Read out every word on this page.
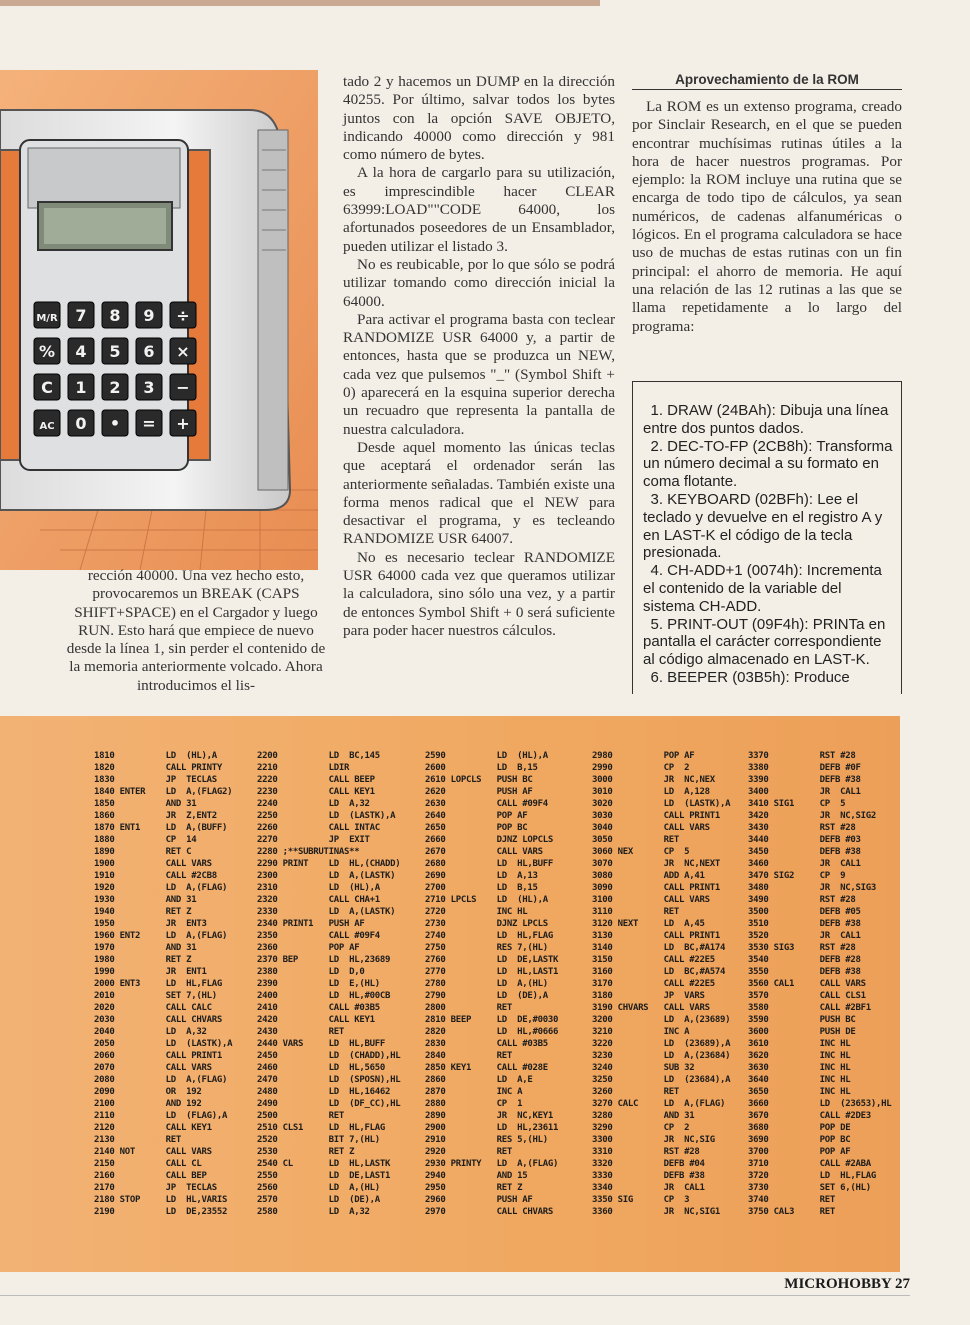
M/R 7 8 9 ÷
% 4 5 6 ×
C 1 2 3 −
AC 0 • = +

rección 40000. Una vez hecho esto, provocaremos un BREAK (CAPS SHIFT+SPACE) en el Cargador y luego RUN. Esto hará que empiece de nuevo desde la línea 1, sin perder el contenido de la memoria anteriormente volcado. Ahora introducimos el lis-

tado 2 y hacemos un DUMP en la dirección 40255. Por último, salvar todos los bytes juntos con la opción SAVE OBJETO, indicando 40000 como dirección y 981 como número de bytes.

A la hora de cargarlo para su utilización, es imprescindible hacer CLEAR 63999:LOAD""CODE 64000, los afortunados poseedores de un Ensamblador, pueden utilizar el listado 3.

No es reubicable, por lo que sólo se podrá utilizar tomando como dirección inicial la 64000.

Para activar el programa basta con teclear RANDOMIZE USR 64000 y, a partir de entonces, hasta que se produzca un NEW, cada vez que pulsemos "_" (Symbol Shift + 0) aparecerá en la esquina superior derecha un recuadro que representa la pantalla de nuestra calculadora.

Desde aquel momento las únicas teclas que aceptará el ordenador serán las anteriormente señaladas. También existe una forma menos radical que el NEW para desactivar el programa, y es tecleando RANDOMIZE USR 64007.

No es necesario teclear RANDOMIZE USR 64000 cada vez que queramos utilizar la calculadora, sino sólo una vez, y a partir de entonces Symbol Shift + 0 será suficiente para poder hacer nuestros cálculos.

Aprovechamiento de la ROM

La ROM es un extenso programa, creado por Sinclair Research, en el que se pueden encontrar muchísimas rutinas útiles a la hora de hacer nuestros programas. Por ejemplo: la ROM incluye una rutina que se encarga de todo tipo de cálculos, ya sean numéricos, de cadenas alfanuméricas o lógicos. En el programa calculadora se hace uso de muchas de estas rutinas con un fin principal: el ahorro de memoria. He aquí una relación de las 12 rutinas a las que se llama repetidamente a lo largo del programa:

1. DRAW (24BAh): Dibuja una línea entre dos puntos dados.

2. DEC-TO-FP (2CB8h): Transforma un número decimal a su formato en coma flotante.

3. KEYBOARD (02BFh): Lee el teclado y devuelve en el registro A y en LAST-K el código de la tecla presionada.

4. CH-ADD+1 (0074h): Incrementa el contenido de la variable del sistema CH-ADD.

5. PRINT-OUT (09F4h): PRINTa en pantalla el carácter correspondiente al código almacenado en LAST-K.

6. BEEPER (03B5h): Produce

1810          LD  (HL),A
1820          CALL PRINTY
1830          JP  TECLAS
1840 ENTER    LD  A,(FLAG2)
1850          AND 31
1860          JR  Z,ENT2
1870 ENT1     LD  A,(BUFF)
1880          CP  14
1890          RET C
1900          CALL VARS
1910          CALL #2CB8
1920          LD  A,(FLAG)
1930          AND 31
1940          RET Z
1950          JR  ENT3
1960 ENT2     LD  A,(FLAG)
1970          AND 31
1980          RET Z
1990          JR  ENT1
2000 ENT3     LD  HL,FLAG
2010          SET 7,(HL)
2020          CALL CALC
2030          CALL CHVARS
2040          LD  A,32
2050          LD  (LASTK),A
2060          CALL PRINT1
2070          CALL VARS
2080          LD  A,(FLAG)
2090          OR  192
2100          AND 192
2110          LD  (FLAG),A
2120          CALL KEY1
2130          RET
2140 NOT      CALL VARS
2150          CALL CL
2160          CALL BEP
2170          JP  TECLAS
2180 STOP     LD  HL,VARIS
2190          LD  DE,23552
2200          LD  BC,145
2210          LDIR
2220          CALL BEEP
2230          CALL KEY1
2240          LD  A,32
2250          LD  (LASTK),A
2260          CALL INTAC
2270          JP  EXIT
2280 ;**SUBRUTINAS**
2290 PRINT    LD  HL,(CHADD)
2300          LD  A,(LASTK)
2310          LD  (HL),A
2320          CALL CHA+1
2330          LD  A,(LASTK)
2340 PRINT1   PUSH AF
2350          CALL #09F4
2360          POP AF
2370 BEP      LD  HL,23689
2380          LD  D,0
2390          LD  E,(HL)
2400          LD  HL,#00CB
2410          CALL #03B5
2420          CALL KEY1
2430          RET
2440 VARS     LD  HL,BUFF
2450          LD  (CHADD),HL
2460          LD  HL,5650
2470          LD  (SPOSN),HL
2480          LD  HL,16462
2490          LD  (DF_CC),HL
2500          RET
2510 CLS1     LD  HL,FLAG
2520          BIT 7,(HL)
2530          RET Z
2540 CL       LD  HL,LASTK
2550          LD  DE,LAST1
2560          LD  A,(HL)
2570          LD  (DE),A
2580          LD  A,32
2590          LD  (HL),A
2600          LD  B,15
2610 LOPCLS   PUSH BC
2620          PUSH AF
2630          CALL #09F4
2640          POP AF
2650          POP BC
2660          DJNZ LOPCLS
2670          CALL VARS
2680          LD  HL,BUFF
2690          LD  A,13
2700          LD  B,15
2710 LPCLS    LD  (HL),A
2720          INC HL
2730          DJNZ LPCLS
2740          LD  HL,FLAG
2750          RES 7,(HL)
2760          LD  DE,LASTK
2770          LD  HL,LAST1
2780          LD  A,(HL)
2790          LD  (DE),A
2800          RET
2810 BEEP     LD  DE,#0030
2820          LD  HL,#0666
2830          CALL #03B5
2840          RET
2850 KEY1     CALL #028E
2860          LD  A,E
2870          INC A
2880          CP  1
2890          JR  NC,KEY1
2900          LD  HL,23611
2910          RES 5,(HL)
2920          RET
2930 PRINTY   LD  A,(FLAG)
2940          AND 15
2950          RET Z
2960          PUSH AF
2970          CALL CHVARS
2980          POP AF
2990          CP  2
3000          JR  NC,NEX
3010          LD  A,128
3020          LD  (LASTK),A
3030          CALL PRINT1
3040          CALL VARS
3050          RET
3060 NEX      CP  5
3070          JR  NC,NEXT
3080          ADD A,41
3090          CALL PRINT1
3100          CALL VARS
3110          RET
3120 NEXT     LD  A,45
3130          CALL PRINT1
3140          LD  BC,#A174
3150          CALL #22E5
3160          LD  BC,#A574
3170          CALL #22E5
3180          JP  VARS
3190 CHVARS   CALL VARS
3200          LD  A,(23689)
3210          INC A
3220          LD  (23689),A
3230          LD  A,(23684)
3240          SUB 32
3250          LD  (23684),A
3260          RET
3270 CALC     LD  A,(FLAG)
3280          AND 31
3290          CP  2
3300          JR  NC,SIG
3310          RST #28
3320          DEFB #04
3330          DEFB #38
3340          JR  CAL1
3350 SIG      CP  3
3360          JR  NC,SIG1
3370          RST #28
3380          DEFB #0F
3390          DEFB #38
3400          JR  CAL1
3410 SIG1     CP  5
3420          JR  NC,SIG2
3430          RST #28
3440          DEFB #03
3450          DEFB #38
3460          JR  CAL1
3470 SIG2     CP  9
3480          JR  NC,SIG3
3490          RST #28
3500          DEFB #05
3510          DEFB #38
3520          JR  CAL1
3530 SIG3     RST #28
3540          DEFB #28
3550          DEFB #38
3560 CAL1     CALL VARS
3570          CALL CLS1
3580          CALL #2BF1
3590          PUSH BC
3600          PUSH DE
3610          INC HL
3620          INC HL
3630          INC HL
3640          INC HL
3650          INC HL
3660          LD  (23653),HL
3670          CALL #2DE3
3680          POP DE
3690          POP BC
3700          POP AF
3710          CALL #2ABA
3720          LD  HL,FLAG
3730          SET 6,(HL)
3740          RET
3750 CAL3     RET
MICROHOBBY 27
